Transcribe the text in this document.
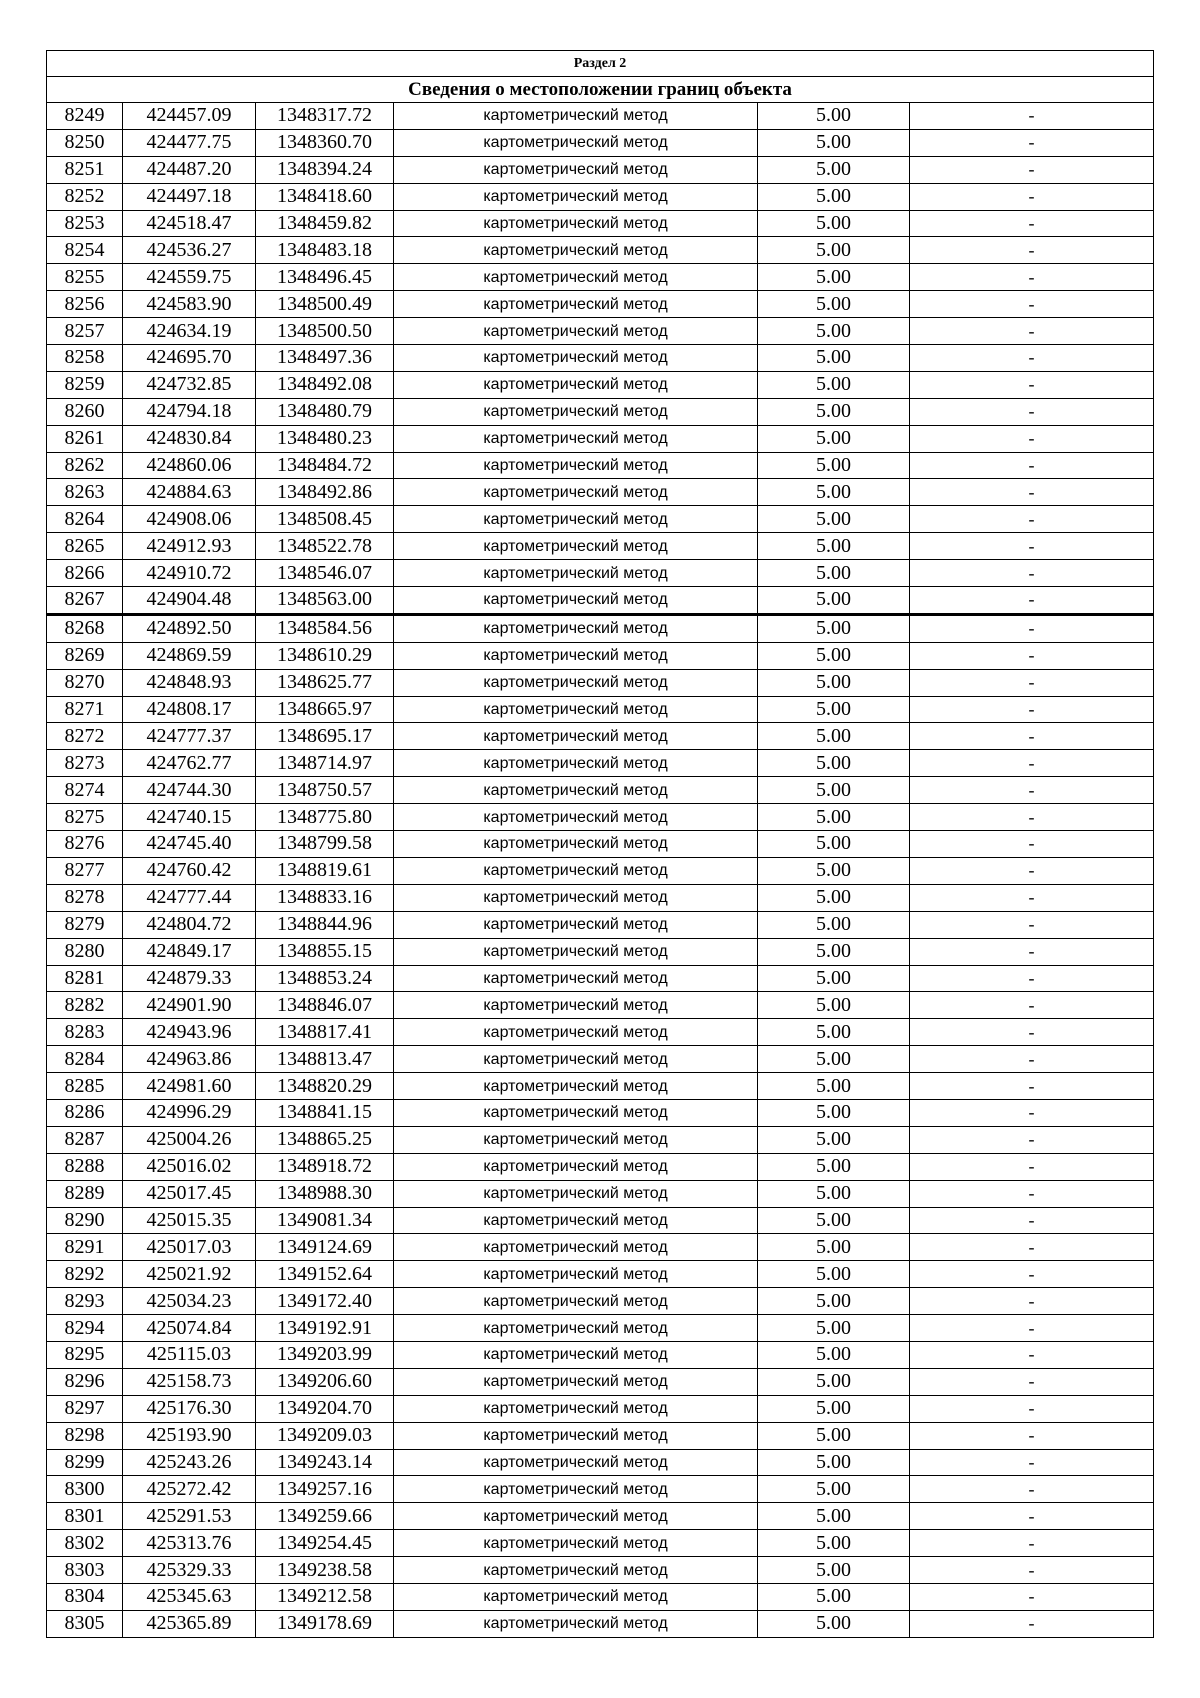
Раздел 2					
Сведения о местоположении границ объекта					
8249	424457.09	1348317.72	картометрический метод	5.00	-
8250	424477.75	1348360.70	картометрический метод	5.00	-
8251	424487.20	1348394.24	картометрический метод	5.00	-
8252	424497.18	1348418.60	картометрический метод	5.00	-
8253	424518.47	1348459.82	картометрический метод	5.00	-
8254	424536.27	1348483.18	картометрический метод	5.00	-
8255	424559.75	1348496.45	картометрический метод	5.00	-
8256	424583.90	1348500.49	картометрический метод	5.00	-
8257	424634.19	1348500.50	картометрический метод	5.00	-
8258	424695.70	1348497.36	картометрический метод	5.00	-
8259	424732.85	1348492.08	картометрический метод	5.00	-
8260	424794.18	1348480.79	картометрический метод	5.00	-
8261	424830.84	1348480.23	картометрический метод	5.00	-
8262	424860.06	1348484.72	картометрический метод	5.00	-
8263	424884.63	1348492.86	картометрический метод	5.00	-
8264	424908.06	1348508.45	картометрический метод	5.00	-
8265	424912.93	1348522.78	картометрический метод	5.00	-
8266	424910.72	1348546.07	картометрический метод	5.00	-
8267	424904.48	1348563.00	картометрический метод	5.00	-
8268	424892.50	1348584.56	картометрический метод	5.00	-
8269	424869.59	1348610.29	картометрический метод	5.00	-
8270	424848.93	1348625.77	картометрический метод	5.00	-
8271	424808.17	1348665.97	картометрический метод	5.00	-
8272	424777.37	1348695.17	картометрический метод	5.00	-
8273	424762.77	1348714.97	картометрический метод	5.00	-
8274	424744.30	1348750.57	картометрический метод	5.00	-
8275	424740.15	1348775.80	картометрический метод	5.00	-
8276	424745.40	1348799.58	картометрический метод	5.00	-
8277	424760.42	1348819.61	картометрический метод	5.00	-
8278	424777.44	1348833.16	картометрический метод	5.00	-
8279	424804.72	1348844.96	картометрический метод	5.00	-
8280	424849.17	1348855.15	картометрический метод	5.00	-
8281	424879.33	1348853.24	картометрический метод	5.00	-
8282	424901.90	1348846.07	картометрический метод	5.00	-
8283	424943.96	1348817.41	картометрический метод	5.00	-
8284	424963.86	1348813.47	картометрический метод	5.00	-
8285	424981.60	1348820.29	картометрический метод	5.00	-
8286	424996.29	1348841.15	картометрический метод	5.00	-
8287	425004.26	1348865.25	картометрический метод	5.00	-
8288	425016.02	1348918.72	картометрический метод	5.00	-
8289	425017.45	1348988.30	картометрический метод	5.00	-
8290	425015.35	1349081.34	картометрический метод	5.00	-
8291	425017.03	1349124.69	картометрический метод	5.00	-
8292	425021.92	1349152.64	картометрический метод	5.00	-
8293	425034.23	1349172.40	картометрический метод	5.00	-
8294	425074.84	1349192.91	картометрический метод	5.00	-
8295	425115.03	1349203.99	картометрический метод	5.00	-
8296	425158.73	1349206.60	картометрический метод	5.00	-
8297	425176.30	1349204.70	картометрический метод	5.00	-
8298	425193.90	1349209.03	картометрический метод	5.00	-
8299	425243.26	1349243.14	картометрический метод	5.00	-
8300	425272.42	1349257.16	картометрический метод	5.00	-
8301	425291.53	1349259.66	картометрический метод	5.00	-
8302	425313.76	1349254.45	картометрический метод	5.00	-
8303	425329.33	1349238.58	картометрический метод	5.00	-
8304	425345.63	1349212.58	картометрический метод	5.00	-
8305	425365.89	1349178.69	картометрический метод	5.00	-
